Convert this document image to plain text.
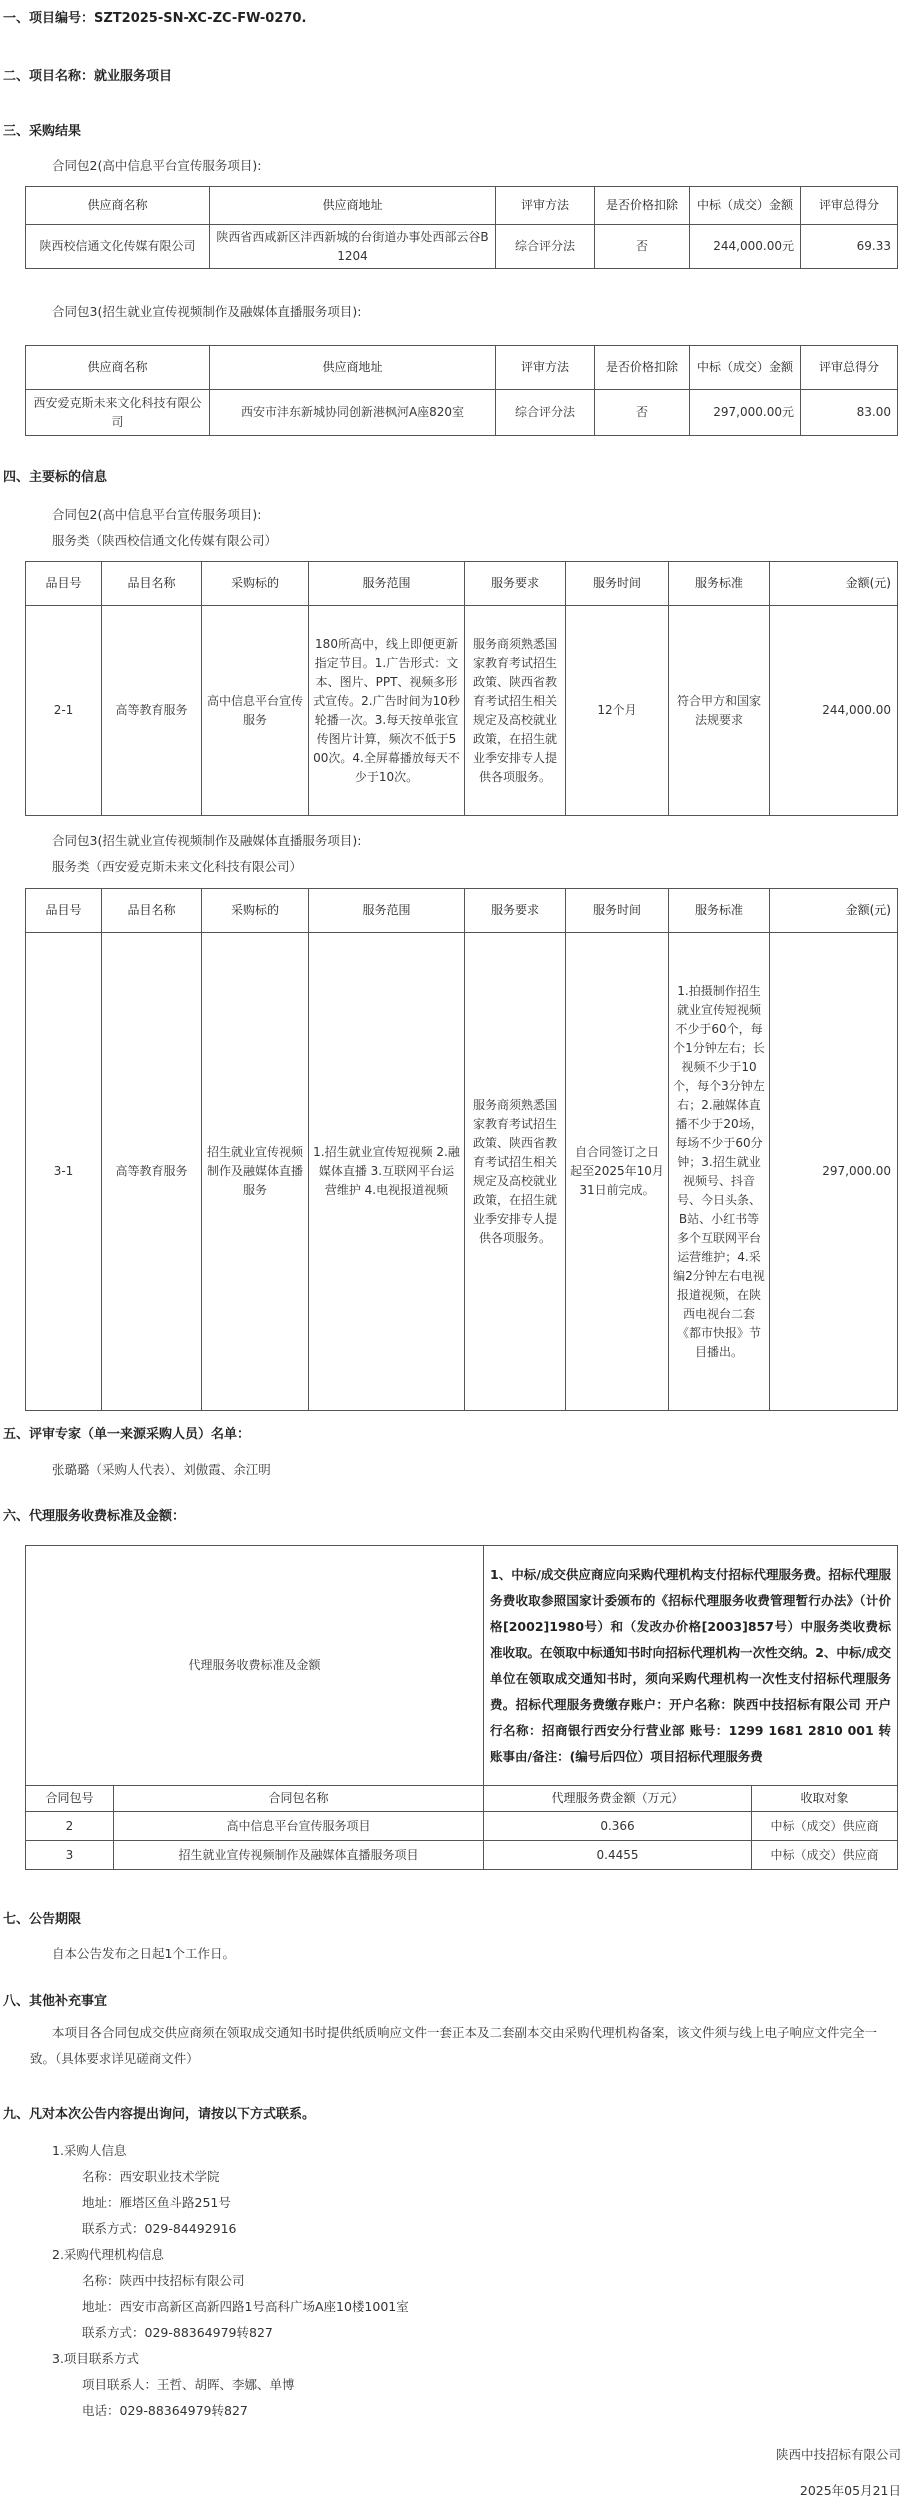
一、项目编号：SZT2025-SN-XC-ZC-FW-0270.
二、项目名称：就业服务项目
三、采购结果
合同包2(高中信息平台宣传服务项目):
供应商名称	供应商地址	评审方法	是否价格扣除	中标（成交）金额	评审总得分
陕西校信通文化传媒有限公司	陕西省西咸新区沣西新城的台街道办事处西部云谷B1204	综合评分法	否	244,000.00元	69.33
合同包3(招生就业宣传视频制作及融媒体直播服务项目):
供应商名称	供应商地址	评审方法	是否价格扣除	中标（成交）金额	评审总得分
西安爱克斯未来文化科技有限公司	西安市沣东新城协同创新港枫河A座820室	综合评分法	否	297,000.00元	83.00
四、主要标的信息
合同包2(高中信息平台宣传服务项目):
服务类（陕西校信通文化传媒有限公司）
品目号	品目名称	采购标的	服务范围	服务要求	服务时间	服务标准	金额(元)
2-1	高等教育服务	高中信息平台宣传服务	180所高中，线上即便更新指定节目。1.广告形式：文本、图片、PPT、视频多形式宣传。2.广告时间为10秒轮播一次。3.每天按单张宣传图片计算，频次不低于500次。4.全屏幕播放每天不少于10次。	服务商须熟悉国家教育考试招生政策、陕西省教育考试招生相关规定及高校就业政策，在招生就业季安排专人提供各项服务。	12个月	符合甲方和国家法规要求	244,000.00
合同包3(招生就业宣传视频制作及融媒体直播服务项目):
服务类（西安爱克斯未来文化科技有限公司）
品目号	品目名称	采购标的	服务范围	服务要求	服务时间	服务标准	金额(元)
3-1	高等教育服务	招生就业宣传视频制作及融媒体直播服务	1.招生就业宣传短视频 2.融媒体直播 3.互联网平台运营维护 4.电视报道视频	服务商须熟悉国家教育考试招生政策、陕西省教育考试招生相关规定及高校就业政策，在招生就业季安排专人提供各项服务。	自合同签订之日起至2025年10月31日前完成。	1.拍摄制作招生就业宣传短视频不少于60个，每个1分钟左右；长视频不少于10个，每个3分钟左右；2.融媒体直播不少于20场，每场不少于60分钟；3.招生就业视频号、抖音号、今日头条、B站、小红书等多个互联网平台运营维护；4.采编2分钟左右电视报道视频，在陕西电视台二套《都市快报》节目播出。	297,000.00
五、评审专家（单一来源采购人员）名单：
张璐璐（采购人代表）、刘傲霞、余江明
六、代理服务收费标准及金额：
代理服务收费标准及金额		1、中标/成交供应商应向采购代理机构支付招标代理服务费。招标代理服务费收取参照国家计委颁布的《招标代理服务收费管理暂行办法》（计价格[2002]1980号）和（发改办价格[2003]857号）中服务类收费标准收取。在领取中标通知书时向招标代理机构一次性交纳。2、中标/成交单位在领取成交通知书时，须向采购代理机构一次性支付招标代理服务费。招标代理服务费缴存账户：开户名称：陕西中技招标有限公司 开户行名称：招商银行西安分行营业部 账号：1299 1681 2810 001 转账事由/备注：(编号后四位）项目招标代理服务费	
合同包号	合同包名称	代理服务费金额（万元）	收取对象
2	高中信息平台宣传服务项目	0.366	中标（成交）供应商
3	招生就业宣传视频制作及融媒体直播服务项目	0.4455	中标（成交）供应商
七、公告期限
自本公告发布之日起1个工作日。
八、其他补充事宜
本项目各合同包成交供应商须在领取成交通知书时提供纸质响应文件一套正本及二套副本交由采购代理机构备案，该文件须与线上电子响应文件完全一致。（具体要求详见磋商文件）
九、凡对本次公告内容提出询问，请按以下方式联系。
1.采购人信息
名称：西安职业技术学院
地址：雁塔区鱼斗路251号
联系方式：029-84492916
2.采购代理机构信息
名称：陕西中技招标有限公司
地址：西安市高新区高新四路1号高科广场A座10楼1001室
联系方式：029-88364979转827
3.项目联系方式
项目联系人：王哲、胡晖、李娜、单博
电话：029-88364979转827
陕西中技招标有限公司
2025年05月21日
